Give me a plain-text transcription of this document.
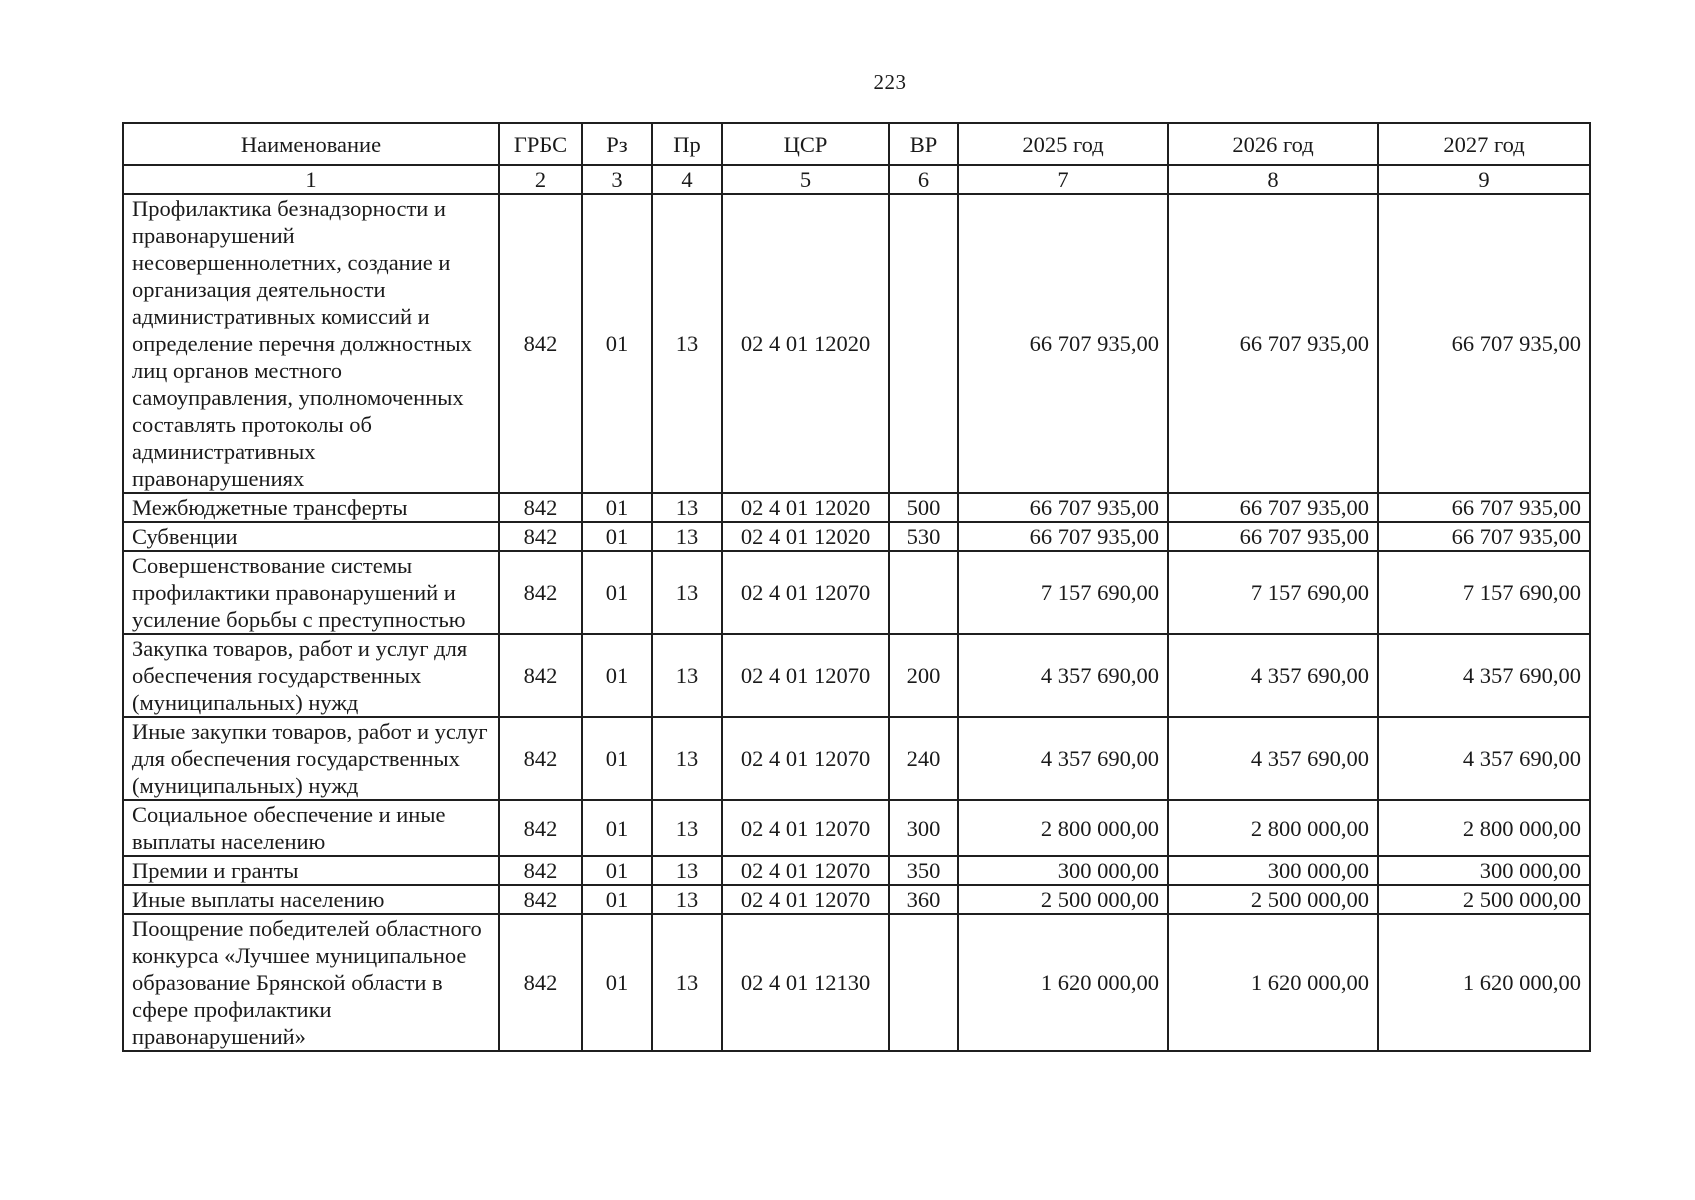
223
Наименование	ГРБС	Рз	Пр	ЦСР	ВР	2025 год	2026 год	2027 год
1	2	3	4	5	6	7	8	9
Профилактика безнадзорности и правонарушений несовершеннолетних, создание и организация деятельности административных комиссий и определение перечня должностных лиц органов местного самоуправления, уполномоченных составлять протоколы об административных правонарушениях	842	01	13	02 4 01 12020		66 707 935,00	66 707 935,00	66 707 935,00
Межбюджетные трансферты	842	01	13	02 4 01 12020	500	66 707 935,00	66 707 935,00	66 707 935,00
Субвенции	842	01	13	02 4 01 12020	530	66 707 935,00	66 707 935,00	66 707 935,00
Совершенствование системы профилактики правонарушений и усиление борьбы с преступностью	842	01	13	02 4 01 12070		7 157 690,00	7 157 690,00	7 157 690,00
Закупка товаров, работ и услуг для обеспечения государственных (муниципальных) нужд	842	01	13	02 4 01 12070	200	4 357 690,00	4 357 690,00	4 357 690,00
Иные закупки товаров, работ и услуг для обеспечения государственных (муниципальных) нужд	842	01	13	02 4 01 12070	240	4 357 690,00	4 357 690,00	4 357 690,00
Социальное обеспечение и иные выплаты населению	842	01	13	02 4 01 12070	300	2 800 000,00	2 800 000,00	2 800 000,00
Премии и гранты	842	01	13	02 4 01 12070	350	300 000,00	300 000,00	300 000,00
Иные выплаты населению	842	01	13	02 4 01 12070	360	2 500 000,00	2 500 000,00	2 500 000,00
Поощрение победителей областного конкурса «Лучшее муниципальное образование Брянской области в сфере профилактики правонарушений»	842	01	13	02 4 01 12130		1 620 000,00	1 620 000,00	1 620 000,00
